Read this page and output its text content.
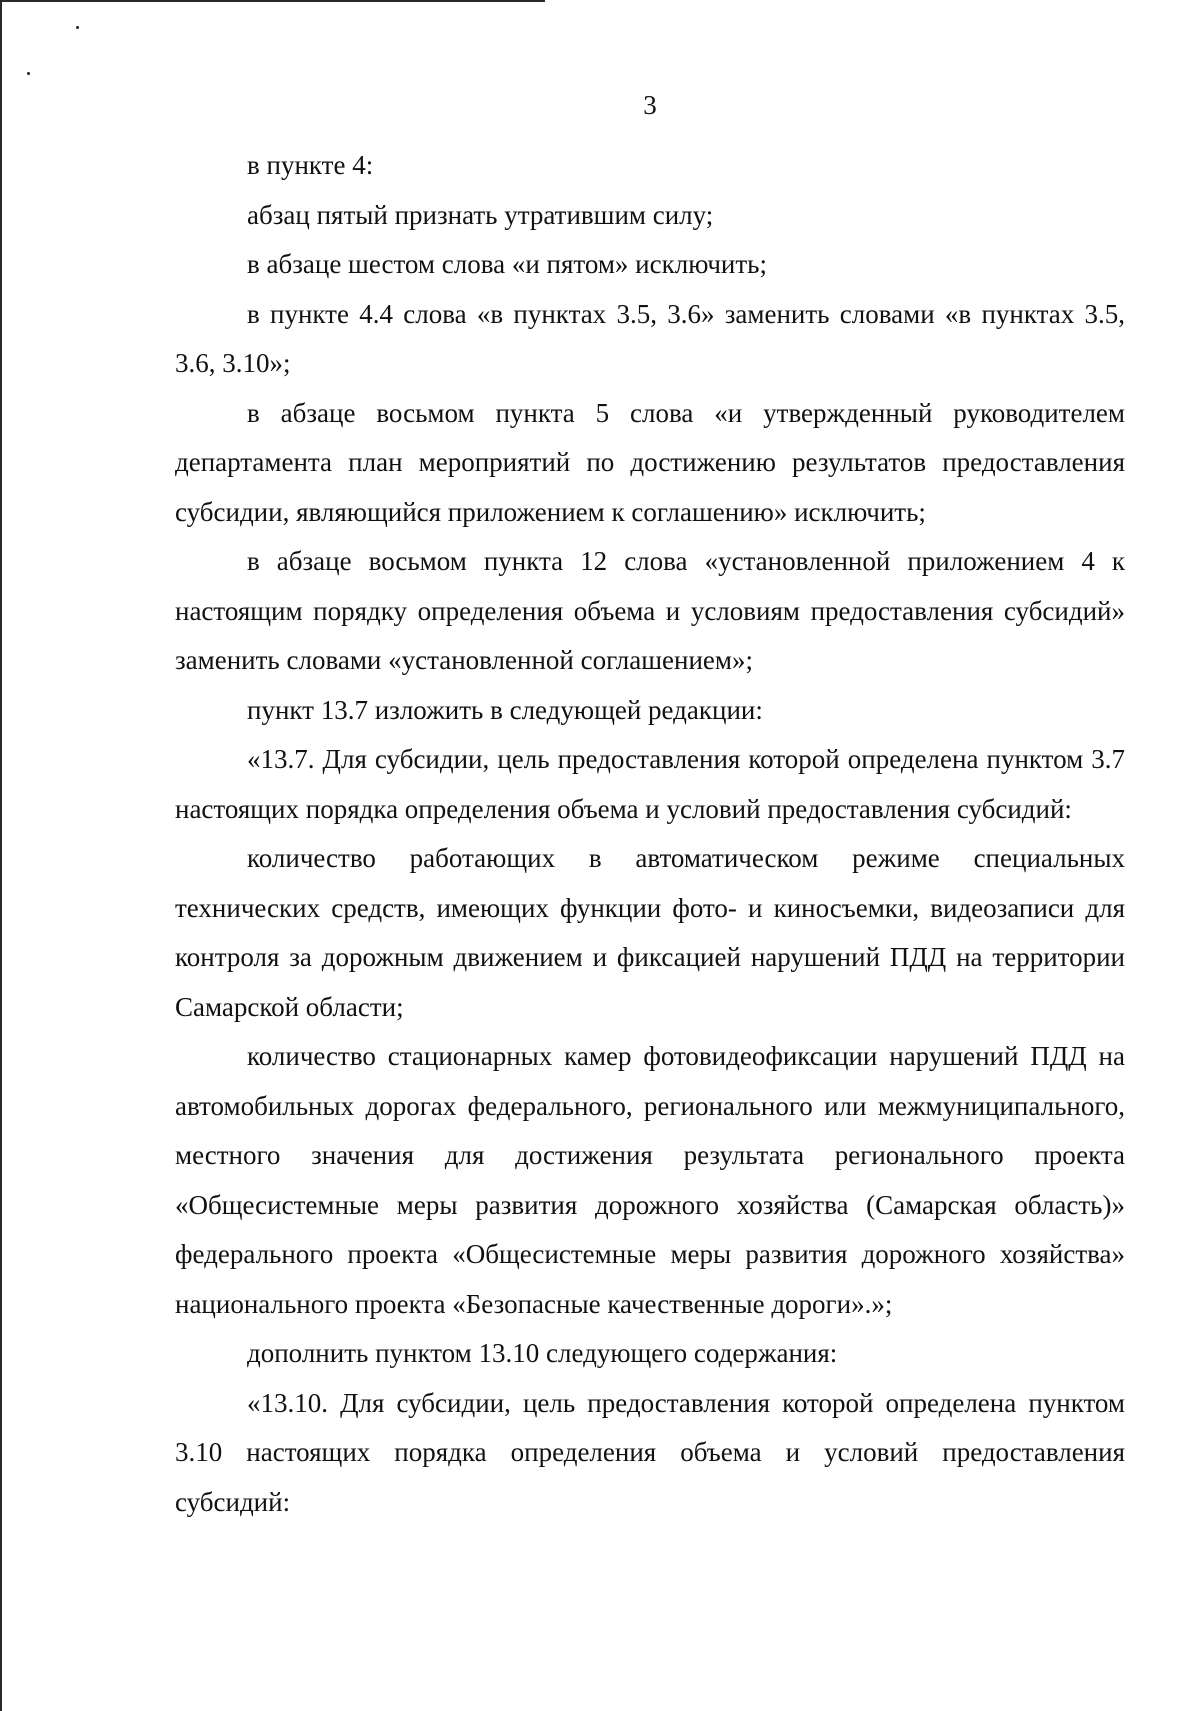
3

в пункте 4:

абзац пятый признать утратившим силу;

в абзаце шестом слова «и пятом» исключить;

в пункте 4.4 слова «в пунктах 3.5, 3.6» заменить словами «в пунктах 3.5, 3.6, 3.10»;

в абзаце восьмом пункта 5 слова «и утвержденный руководителем департамента план мероприятий по достижению результатов предоставления субсидии, являющийся приложением к соглашению» исключить;

в абзаце восьмом пункта 12 слова «установленной приложением 4 к настоящим порядку определения объема и условиям предоставления субсидий» заменить словами «установленной соглашением»;

пункт 13.7 изложить в следующей редакции:

«13.7. Для субсидии, цель предоставления которой определена пунктом 3.7 настоящих порядка определения объема и условий предоставления субсидий:

количество работающих в автоматическом режиме специальных технических средств, имеющих функции фото- и киносъемки, видеозаписи для контроля за дорожным движением и фиксацией нарушений ПДД на территории Самарской области;

количество стационарных камер фотовидеофиксации нарушений ПДД на автомобильных дорогах федерального, регионального или межмуниципального, местного значения для достижения результата регионального проекта «Общесистемные меры развития дорожного хозяйства (Самарская область)» федерального проекта «Общесистемные меры развития дорожного хозяйства» национального проекта «Безопасные качественные дороги».»;

дополнить пунктом 13.10 следующего содержания:

«13.10. Для субсидии, цель предоставления которой определена пунктом 3.10 настоящих порядка определения объема и условий предоставления субсидий:
